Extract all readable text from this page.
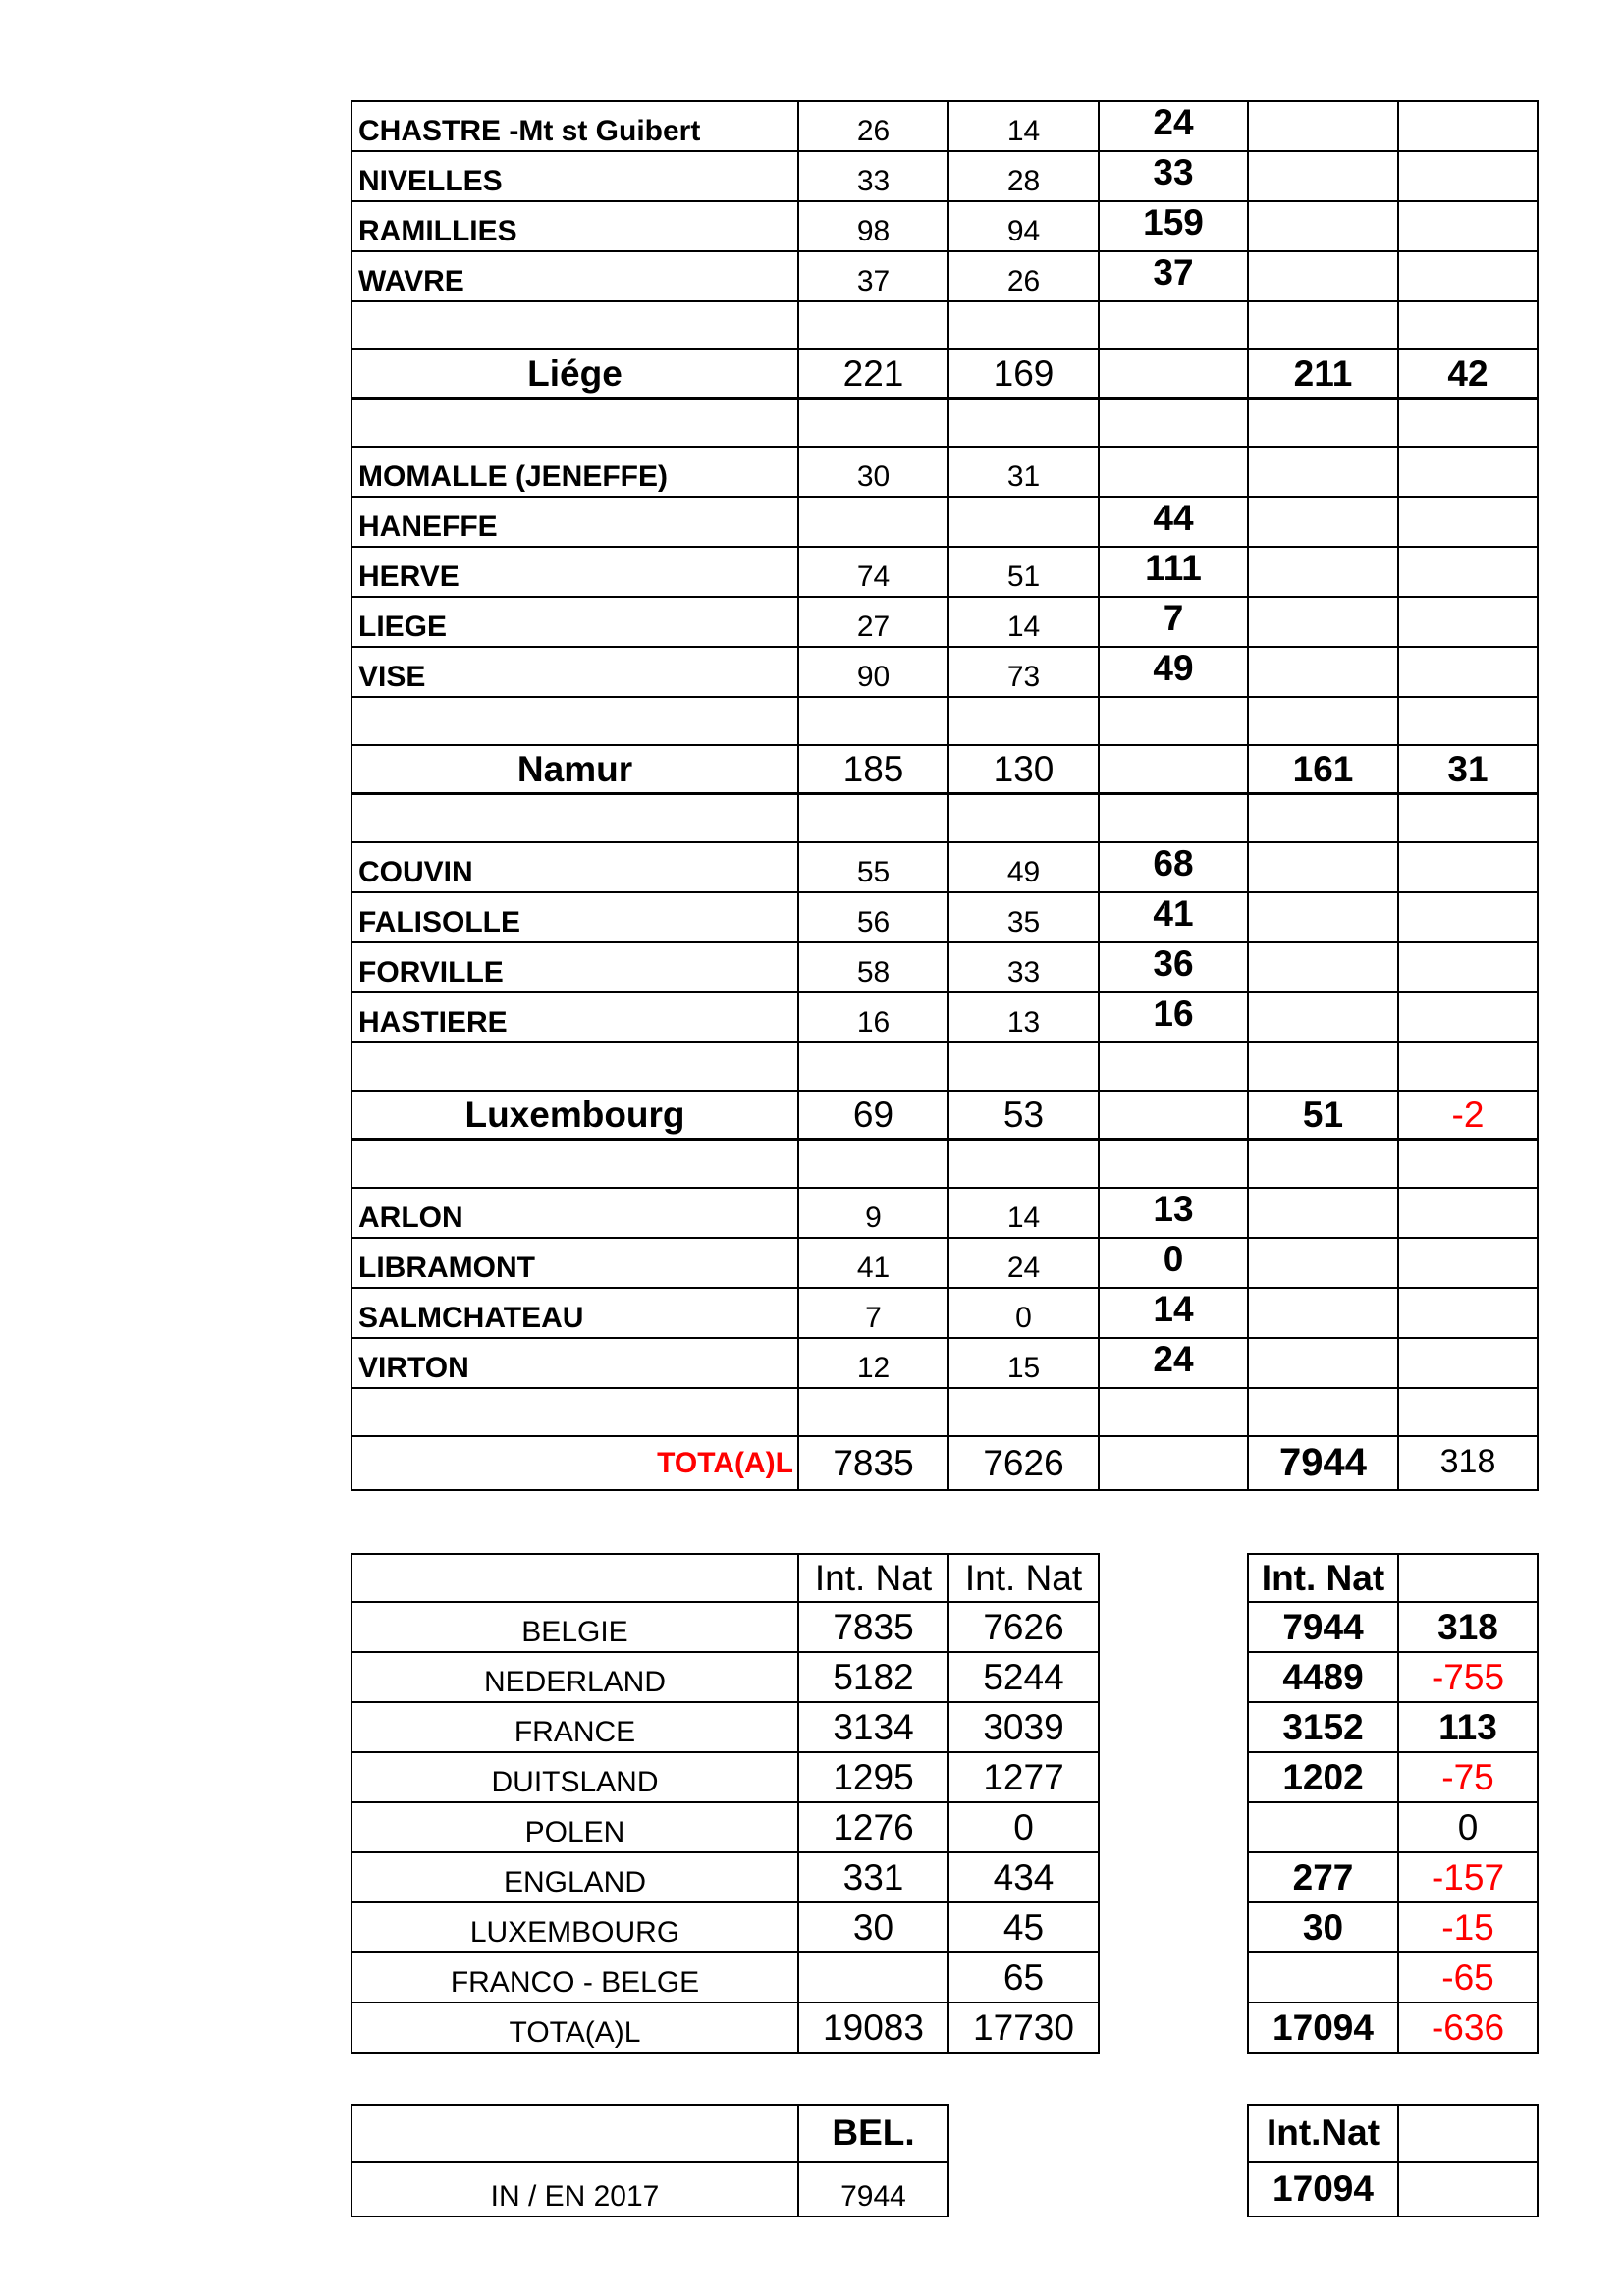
CHASTRE -Mt st Guibert	26	14	24		
NIVELLES	33	28	33		
RAMILLIES	98	94	159		
WAVRE	37	26	37		

Liége	221	169		211	42

MOMALLE (JENEFFE)	30	31			
HANEFFE			44		
HERVE	74	51	111		
LIEGE	27	14	7		
VISE	90	73	49		

Namur	185	130		161	31

COUVIN	55	49	68		
FALISOLLE	56	35	41		
FORVILLE	58	33	36		
HASTIERE	16	13	16		

Luxembourg	69	53		51	-2

ARLON	9	14	13		
LIBRAMONT	41	24	0		
SALMCHATEAU	7	0	14		
VIRTON	12	15	24		

TOTA(A)L	7835	7626		7944	318
	Int. Nat	Int. Nat		Int. Nat	
BELGIE	7835	7626		7944	318
NEDERLAND	5182	5244		4489	-755
FRANCE	3134	3039		3152	113
DUITSLAND	1295	1277		1202	-75
POLEN	1276	0			0
ENGLAND	331	434		277	-157
LUXEMBOURG	30	45		30	-15
FRANCO - BELGE		65			-65
TOTA(A)L	19083	17730		17094	-636
	BEL.			Int.Nat	
IN / EN 2017	7944			17094	
